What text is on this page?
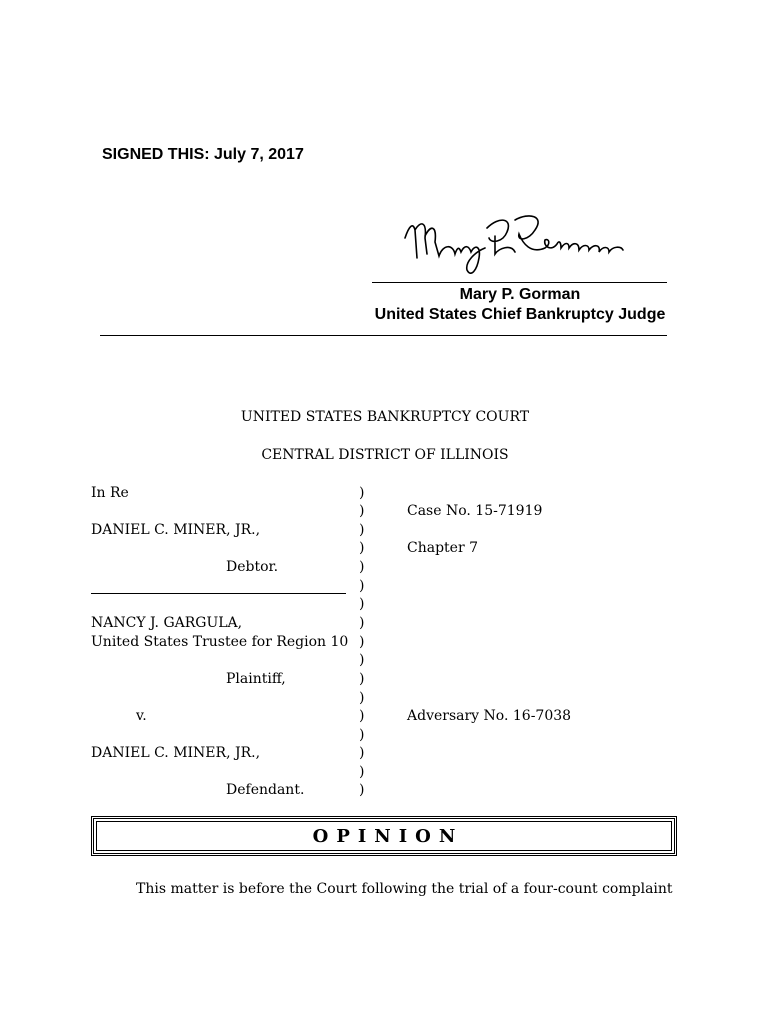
SIGNED THIS: July 7, 2017
Mary P. Gorman
United States Chief Bankruptcy Judge
UNITED STATES BANKRUPTCY COURT
CENTRAL DISTRICT OF ILLINOIS
In Re
DANIEL C. MINER, JR.,
Debtor.
NANCY J. GARGULA,
United States Trustee for Region 10
Plaintiff,
v.
DANIEL C. MINER, JR.,
Defendant.
)
)
)
)
)
)
)
)
)
)
)
)
)
)
)
)
)
Case No. 15-71919
Chapter 7
Adversary No. 16-7038
OPINION
This matter is before the Court following the trial of a four-count complaint
